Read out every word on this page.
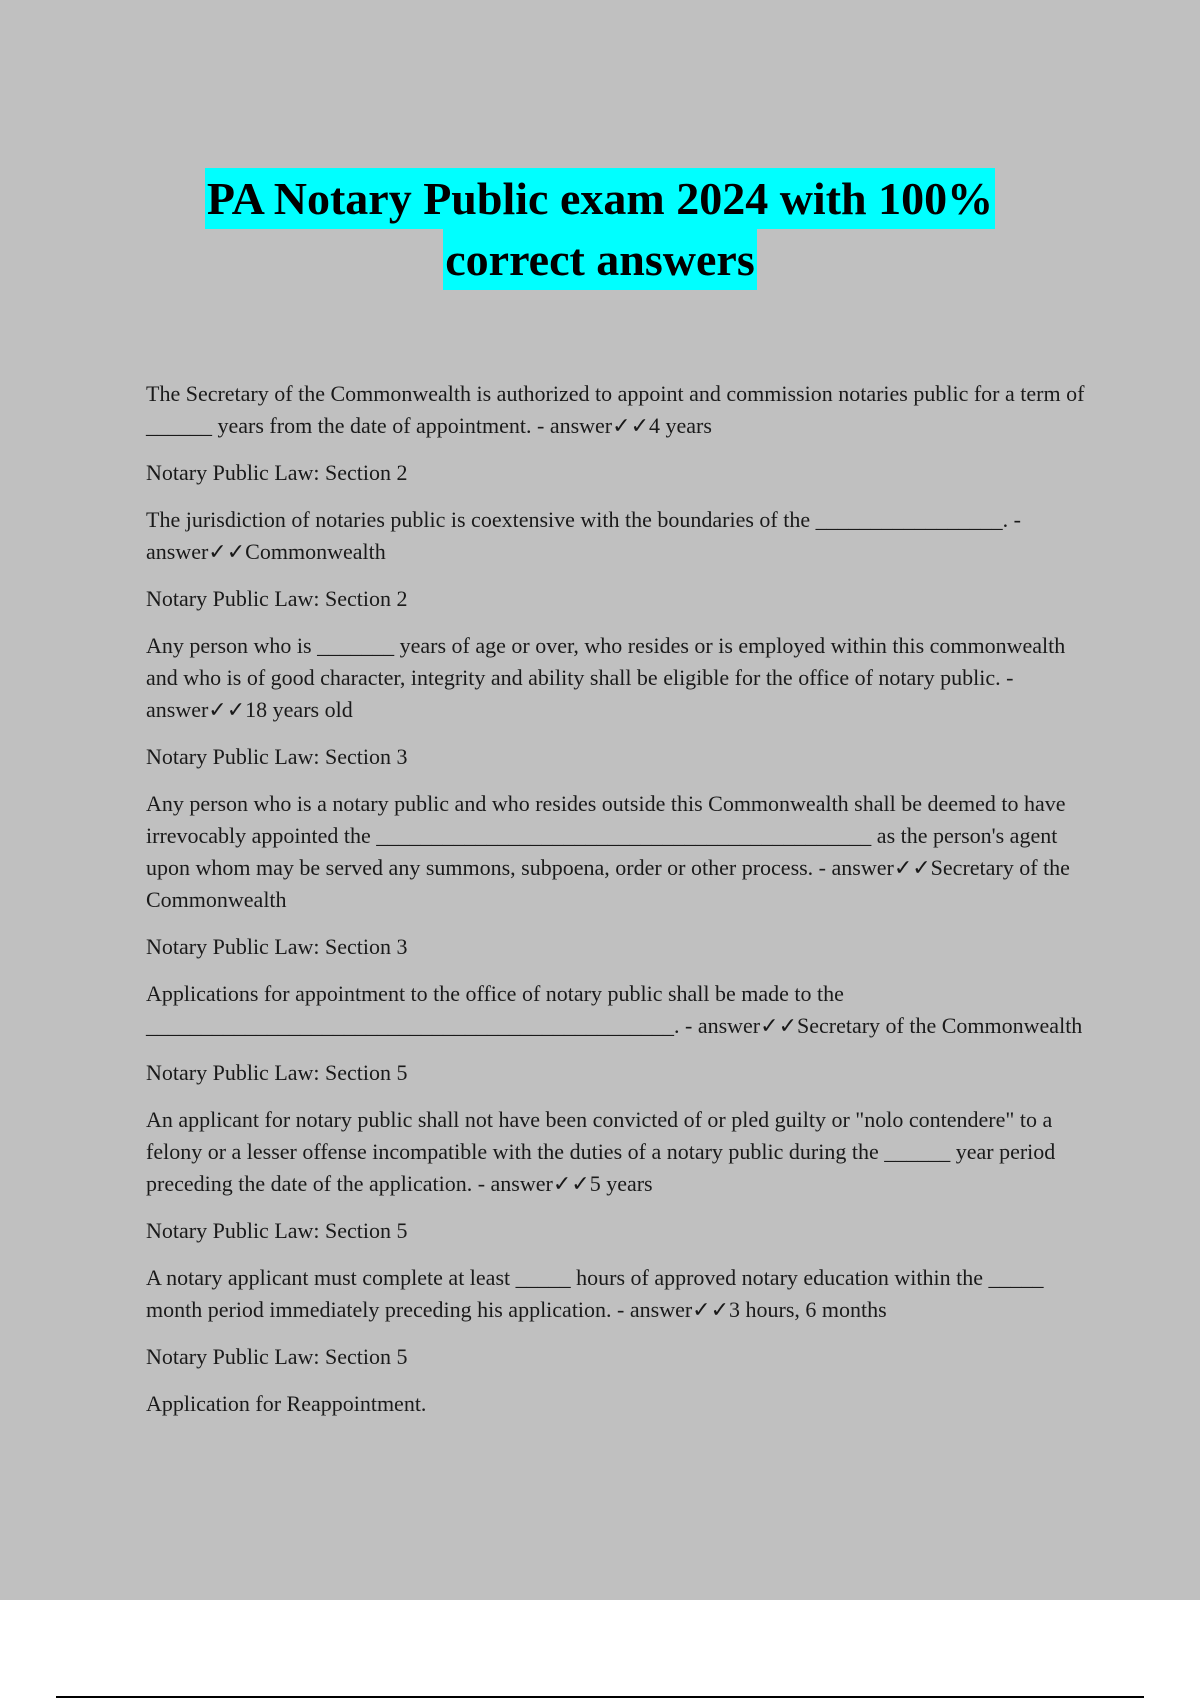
PA Notary Public exam 2024 with 100%
correct answers

The Secretary of the Commonwealth is authorized to appoint and commission notaries public for a term of ______ years from the date of appointment. - answer✓✓4 years

Notary Public Law: Section 2

The jurisdiction of notaries public is coextensive with the boundaries of the _________________. - answer✓✓Commonwealth

Notary Public Law: Section 2

Any person who is _______ years of age or over, who resides or is employed within this commonwealth and who is of good character, integrity and ability shall be eligible for the office of notary public. - answer✓✓18 years old

Notary Public Law: Section 3

Any person who is a notary public and who resides outside this Commonwealth shall be deemed to have irrevocably appointed the _____________________________________________ as the person's agent upon whom may be served any summons, subpoena, order or other process. - answer✓✓Secretary of the Commonwealth

Notary Public Law: Section 3

Applications for appointment to the office of notary public shall be made to the ________________________________________________. - answer✓✓Secretary of the Commonwealth

Notary Public Law: Section 5

An applicant for notary public shall not have been convicted of or pled guilty or "nolo contendere" to a felony or a lesser offense incompatible with the duties of a notary public during the ______ year period preceding the date of the application. - answer✓✓5 years

Notary Public Law: Section 5

A notary applicant must complete at least _____ hours of approved notary education within the _____ month period immediately preceding his application. - answer✓✓3 hours, 6 months

Notary Public Law: Section 5

Application for Reappointment.
